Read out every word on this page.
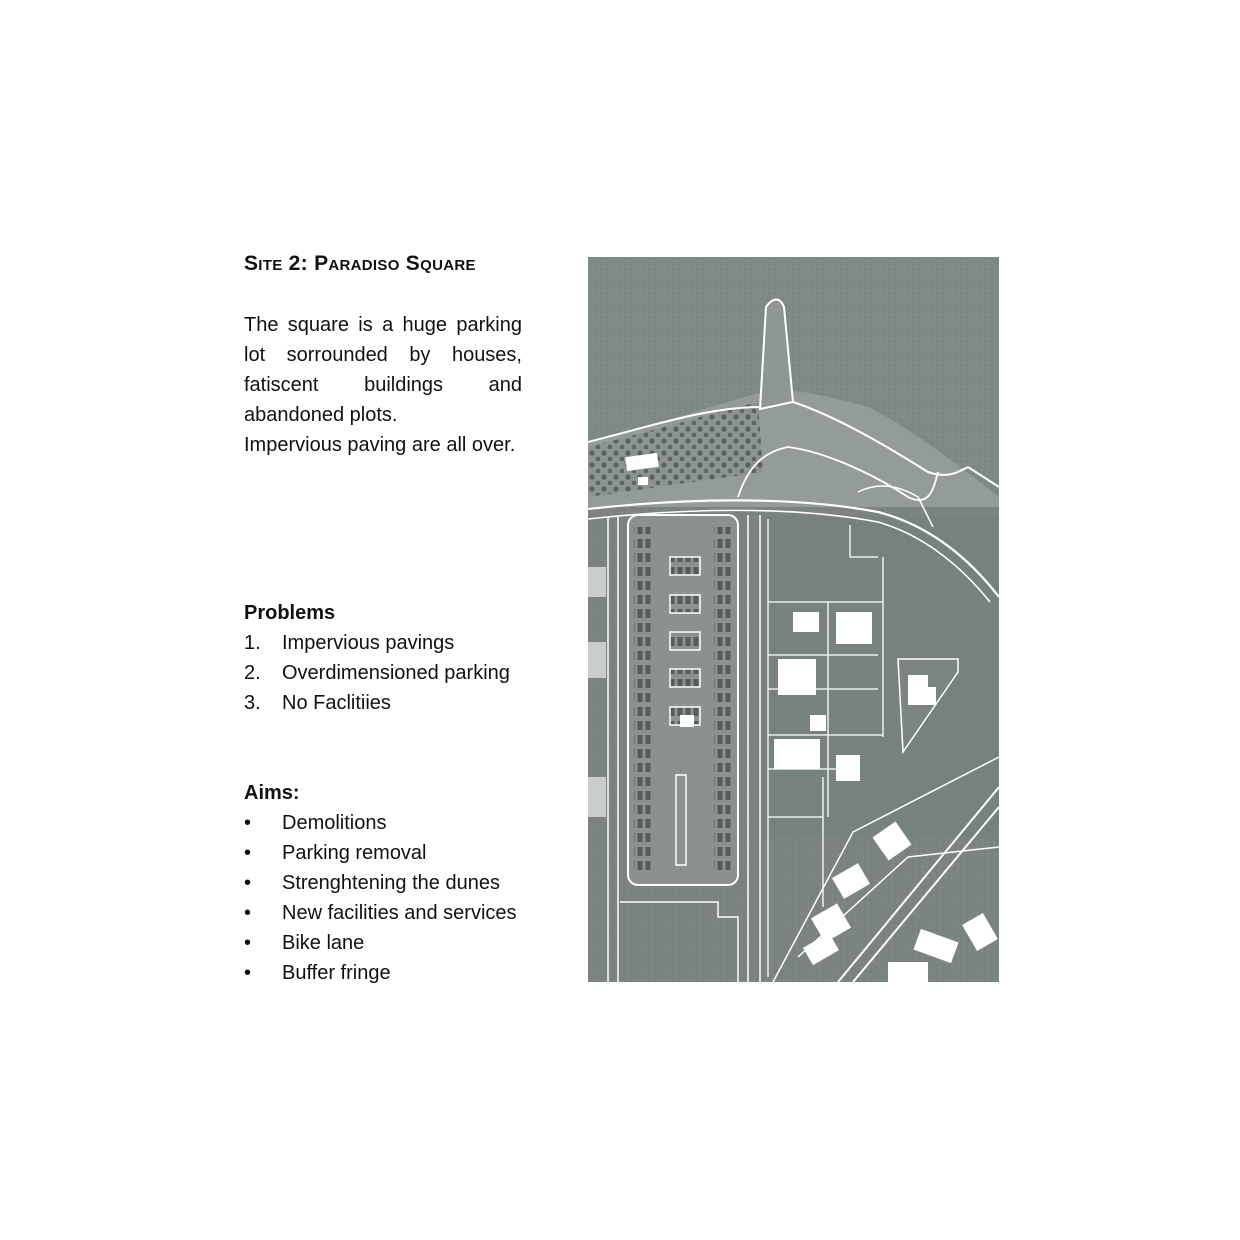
Site 2: Paradiso Square

The square is a huge parking lot sorrounded by houses, fatiscent buildings and abandoned plots.
Impervious paving are all over.

Problems
1.	Impervious pavings
2.	Overdimensioned parking
3.	No Faclitiies
Aims:
•	Demolitions
•	Parking removal
•	Strenghtening the dunes
•	New facilities and services
•	Bike lane
•	Buffer fringe
